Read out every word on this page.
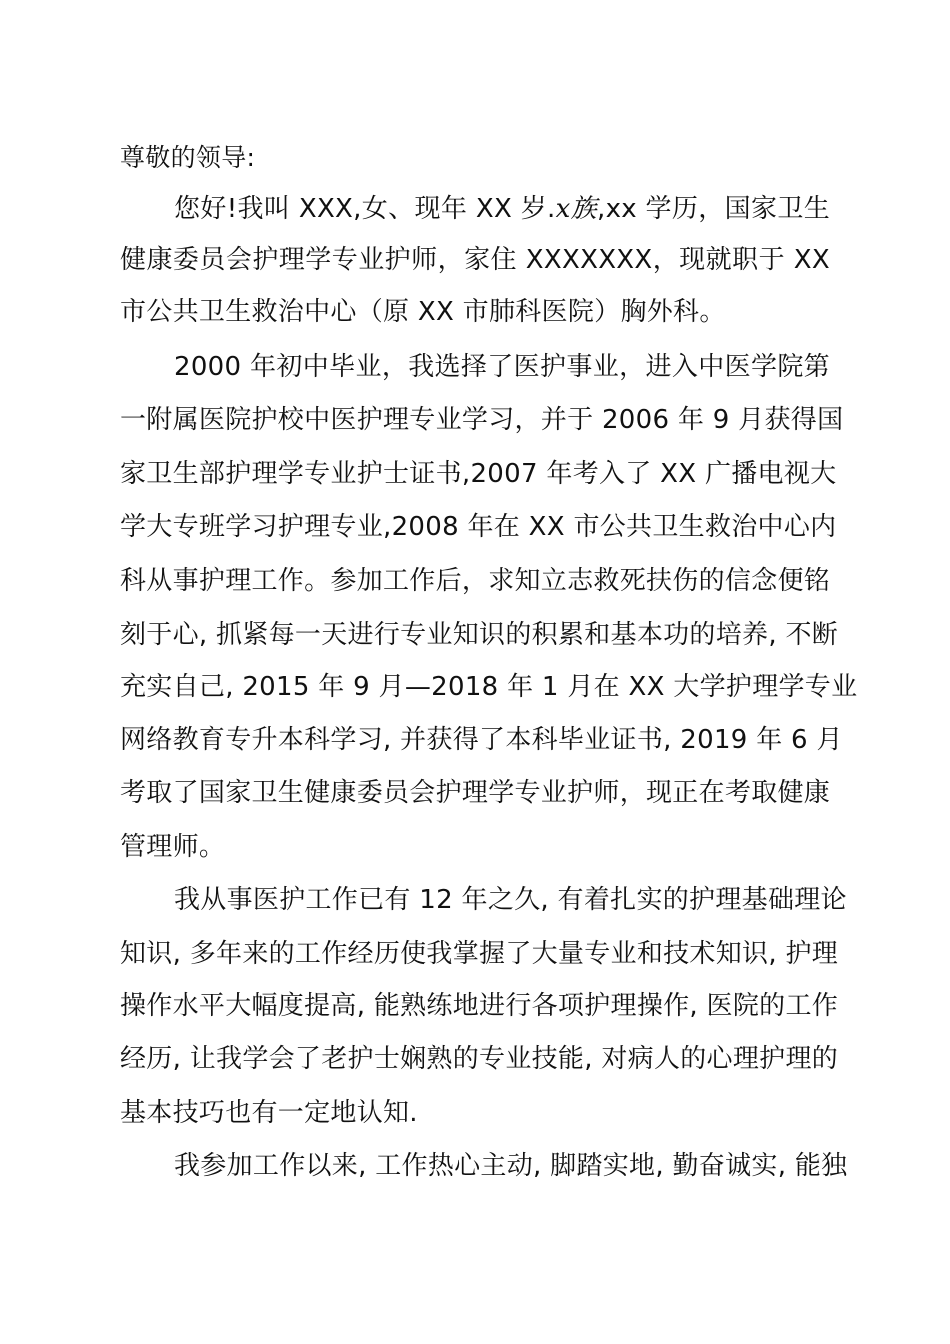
尊敬的领导:
您好!我叫 XXX,女、现年 XX 岁.x族,xx 学历，国家卫生
健康委员会护理学专业护师，家住 XXXXXXX，现就职于 XX
市公共卫生救治中心（原 XX 市肺科医院）胸外科。
2000 年初中毕业，我选择了医护事业，进入中医学院第
一附属医院护校中医护理专业学习，并于 2006 年 9 月获得国
家卫生部护理学专业护士证书,2007 年考入了 XX 广播电视大
学大专班学习护理专业,2008 年在 XX 市公共卫生救治中心内
科从事护理工作。参加工作后，求知立志救死扶伤的信念便铭
刻于心, 抓紧每一天进行专业知识的积累和基本功的培养, 不断
充实自己, 2015 年 9 月—2018 年 1 月在 XX 大学护理学专业
网络教育专升本科学习, 并获得了本科毕业证书, 2019 年 6 月
考取了国家卫生健康委员会护理学专业护师，现正在考取健康
管理师。
我从事医护工作已有 12 年之久, 有着扎实的护理基础理论
知识, 多年来的工作经历使我掌握了大量专业和技术知识, 护理
操作水平大幅度提高, 能熟练地进行各项护理操作, 医院的工作
经历, 让我学会了老护士娴熟的专业技能, 对病人的心理护理的
基本技巧也有一定地认知.
我参加工作以来, 工作热心主动, 脚踏实地, 勤奋诚实, 能独
